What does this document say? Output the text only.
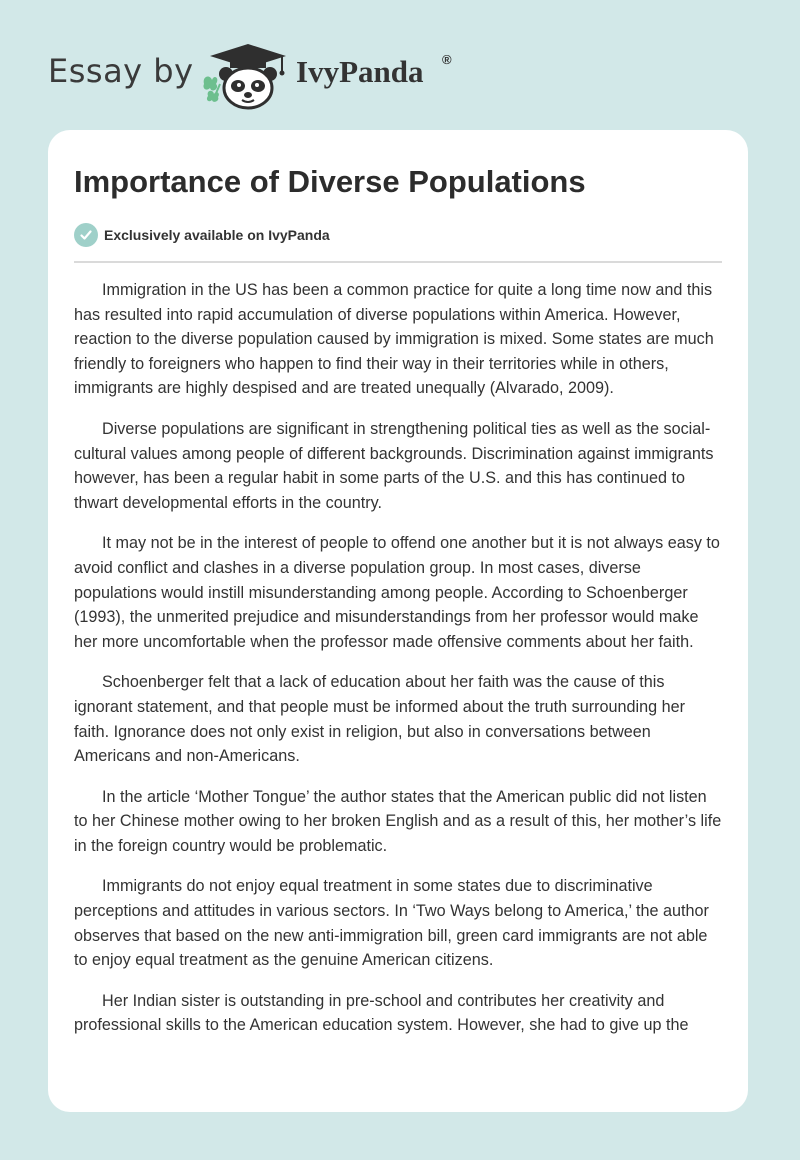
Essay by	IvyPanda ®
Importance of Diverse Populations
Exclusively available on IvyPanda

Immigration in the US has been a common practice for quite a long time now and this has resulted into rapid accumulation of diverse populations within America. However, reaction to the diverse population caused by immigration is mixed. Some states are much friendly to foreigners who happen to find their way in their territories while in others, immigrants are highly despised and are treated unequally (Alvarado, 2009).

Diverse populations are significant in strengthening political ties as well as the social-cultural values among people of different backgrounds. Discrimination against immigrants however, has been a regular habit in some parts of the U.S. and this has continued to thwart developmental efforts in the country.

It may not be in the interest of people to offend one another but it is not always easy to avoid conflict and clashes in a diverse population group. In most cases, diverse populations would instill misunderstanding among people. According to Schoenberger (1993), the unmerited prejudice and misunderstandings from her professor would make her more uncomfortable when the professor made offensive comments about her faith.

Schoenberger felt that a lack of education about her faith was the cause of this ignorant statement, and that people must be informed about the truth surrounding her faith. Ignorance does not only exist in religion, but also in conversations between Americans and non-Americans.

In the article ‘Mother Tongue’ the author states that the American public did not listen to her Chinese mother owing to her broken English and as a result of this, her mother’s life in the foreign country would be problematic.

Immigrants do not enjoy equal treatment in some states due to discriminative perceptions and attitudes in various sectors. In ‘Two Ways belong to America,’ the author observes that based on the new anti-immigration bill, green card immigrants are not able to enjoy equal treatment as the genuine American citizens.

Her Indian sister is outstanding in pre-school and contributes her creativity and professional skills to the American education system. However, she had to give up the
